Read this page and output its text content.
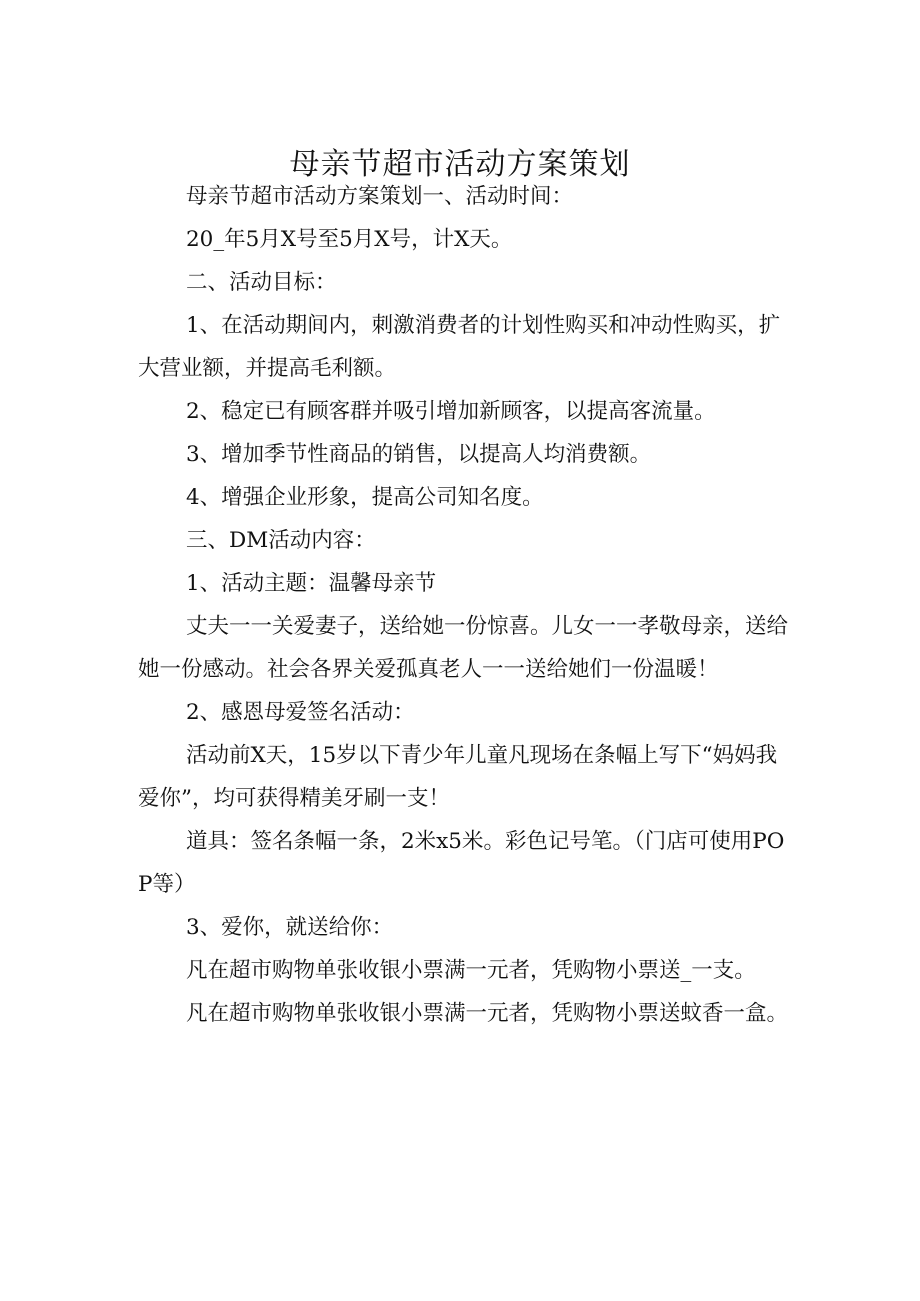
母亲节超市活动方案策划

母亲节超市活动方案策划一、活动时间：

20_年5月X号至5月X号，计X天。

二、活动目标：

1、在活动期间内，刺激消费者的计划性购买和冲动性购买，扩大营业额，并提高毛利额。

2、稳定已有顾客群并吸引增加新顾客，以提高客流量。

3、增加季节性商品的销售，以提高人均消费额。

4、增强企业形象，提高公司知名度。

三、DM活动内容：

1、活动主题：温馨母亲节

丈夫一一关爱妻子，送给她一份惊喜。儿女一一孝敬母亲，送给她一份感动。社会各界关爱孤真老人一一送给她们一份温暖！

2、感恩母爱签名活动：

活动前X天，15岁以下青少年儿童凡现场在条幅上写下“妈妈我爱你”，均可获得精美牙刷一支！

道具：签名条幅一条，2米x5米。彩色记号笔。（门店可使用POP等）

3、爱你，就送给你：

凡在超市购物单张收银小票满一元者，凭购物小票送_一支。

凡在超市购物单张收银小票满一元者，凭购物小票送蚊香一盒。
